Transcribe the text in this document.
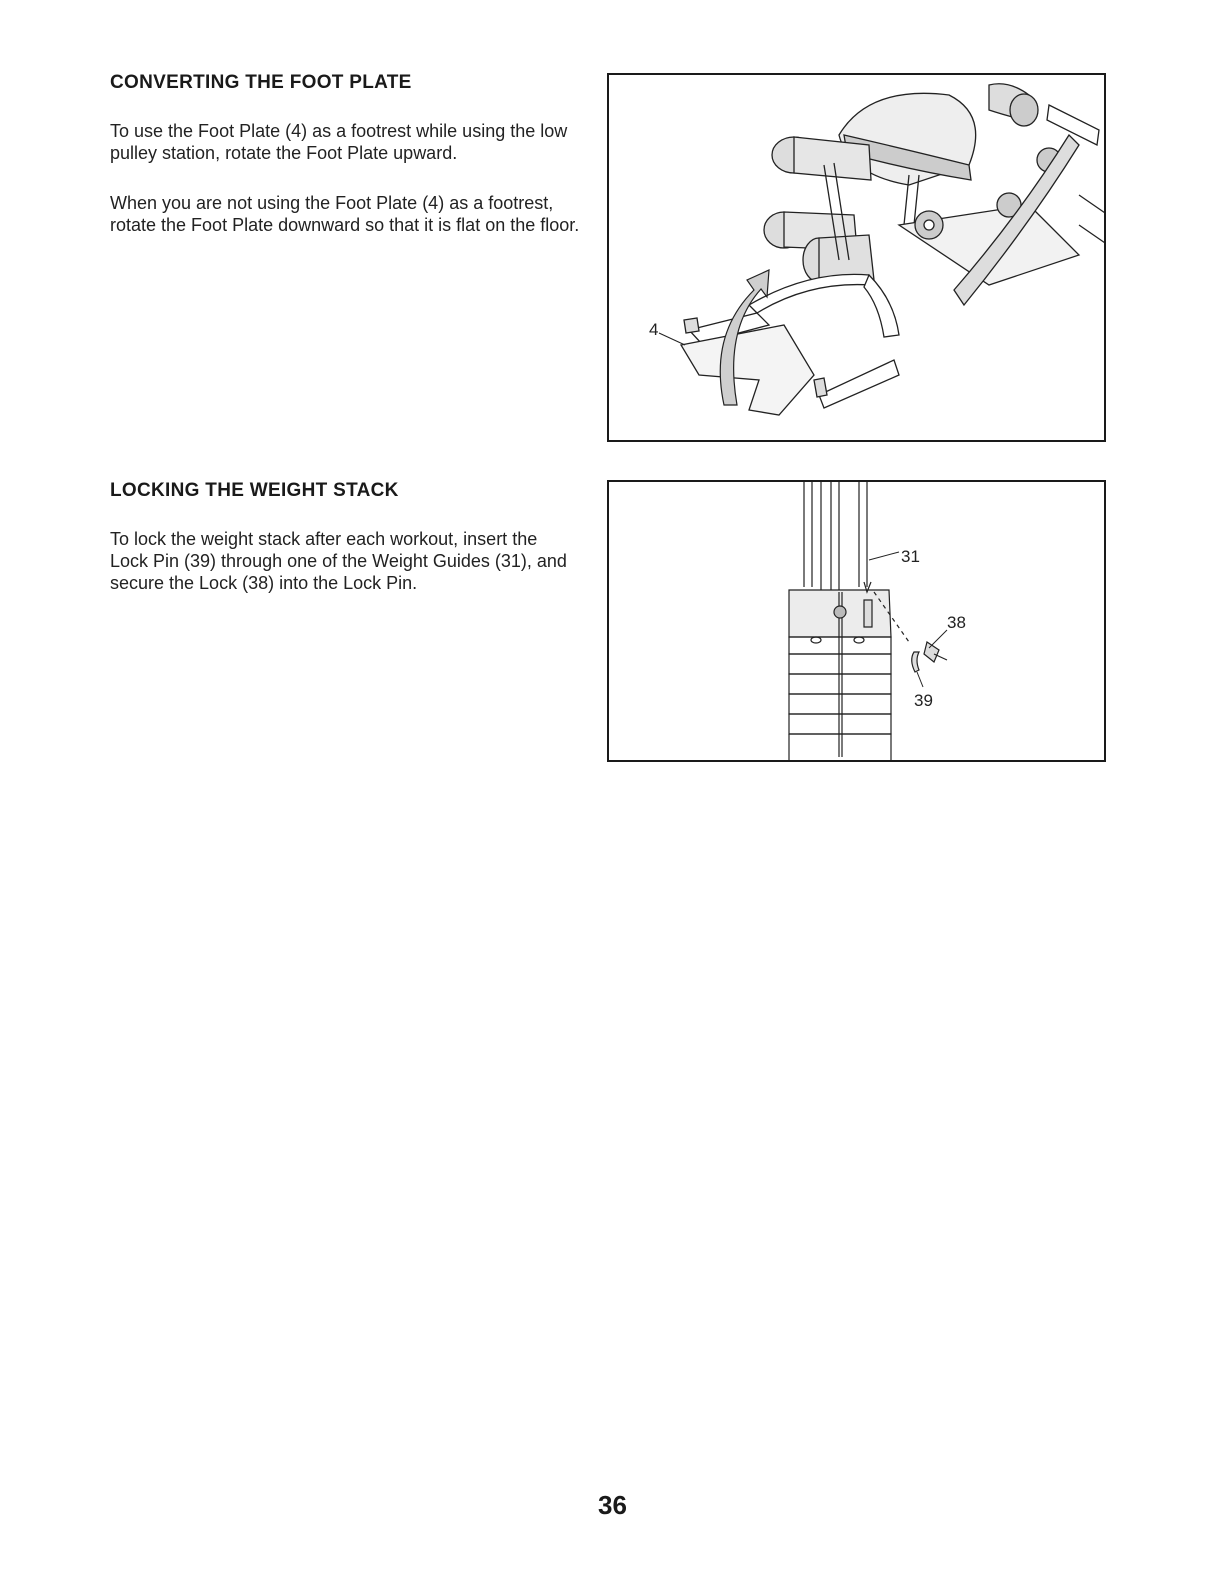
CONVERTING THE FOOT PLATE

To use the Foot Plate (4) as a footrest while using the low pulley station, rotate the Foot Plate upward.

When you are not using the Foot Plate (4) as a footrest, rotate the Foot Plate downward so that it is flat on the floor.

4
LOCKING THE WEIGHT STACK

To lock the weight stack after each workout, insert the Lock Pin (39) through one of the Weight Guides (31), and secure the Lock (38) into the Lock Pin.

31
38
39
36
